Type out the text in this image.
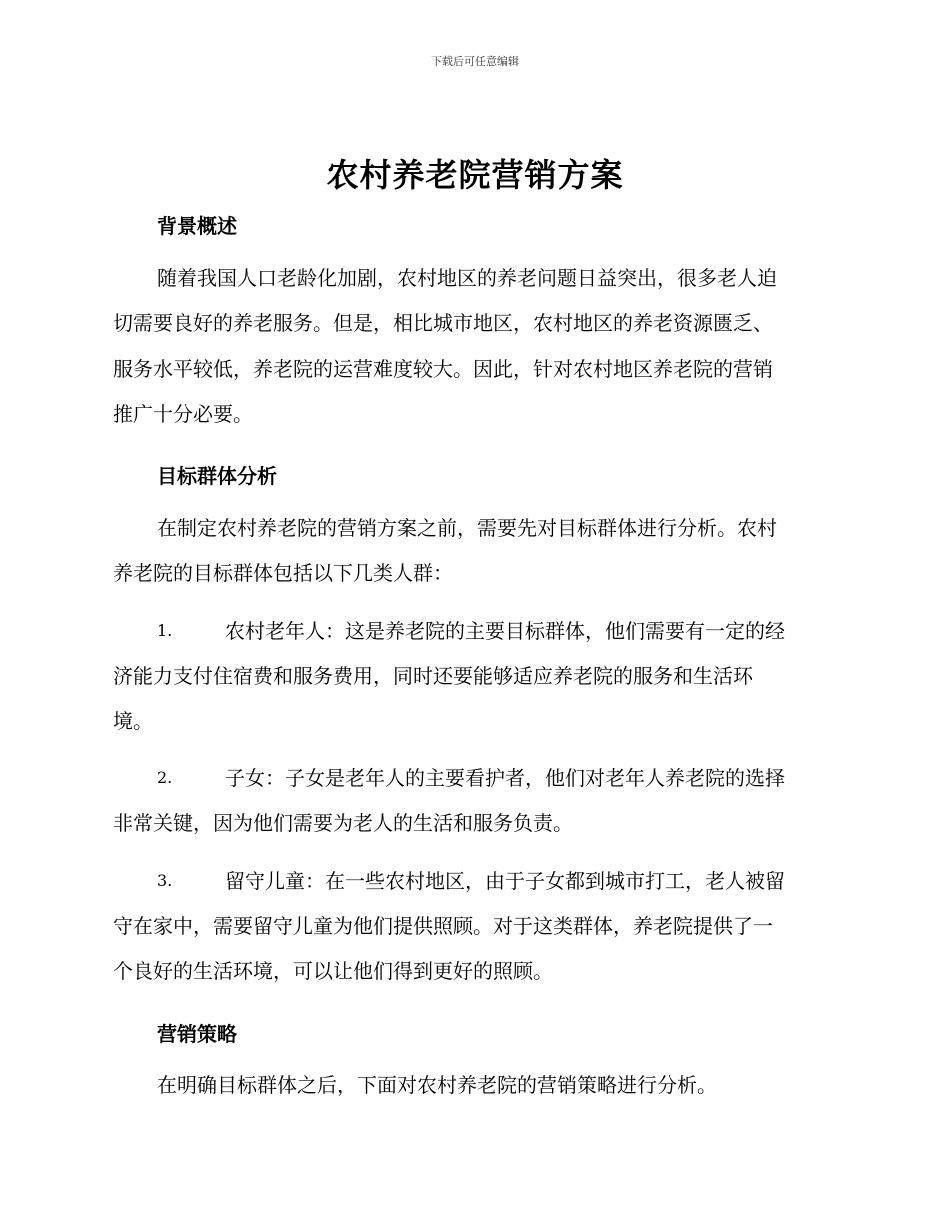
下载后可任意编辑
农村养老院营销方案
背景概述
随着我国人口老龄化加剧，农村地区的养老问题日益突出，很多老人迫
切需要良好的养老服务。但是，相比城市地区，农村地区的养老资源匮乏、
服务水平较低，养老院的运营难度较大。因此，针对农村地区养老院的营销
推广十分必要。
目标群体分析
在制定农村养老院的营销方案之前，需要先对目标群体进行分析。农村
养老院的目标群体包括以下几类人群：
1.	农村老年人：这是养老院的主要目标群体，他们需要有一定的经
济能力支付住宿费和服务费用，同时还要能够适应养老院的服务和生活环
境。
2.	子女：子女是老年人的主要看护者，他们对老年人养老院的选择
非常关键，因为他们需要为老人的生活和服务负责。
3.	留守儿童：在一些农村地区，由于子女都到城市打工，老人被留
守在家中，需要留守儿童为他们提供照顾。对于这类群体，养老院提供了一
个良好的生活环境，可以让他们得到更好的照顾。
营销策略
在明确目标群体之后，下面对农村养老院的营销策略进行分析。
